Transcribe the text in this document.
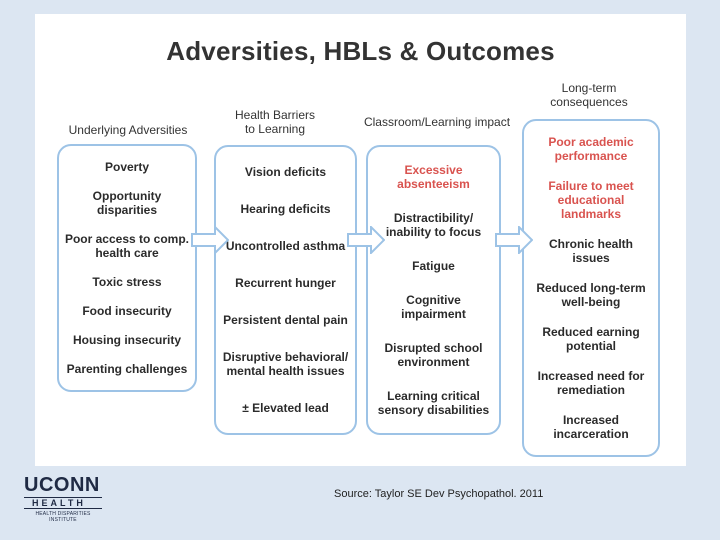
Adversities, HBLs & Outcomes
Underlying Adversities
Health Barriers to Learning	Classroom/Learning impact
Long-term consequences
Poverty
Opportunity disparities
Poor access to comp. health care
Toxic stress
Food insecurity
Housing insecurity
Parenting challenges
Vision deficits
Hearing deficits
Uncontrolled asthma
Recurrent hunger
Persistent dental pain
Disruptive behavioral/ mental health issues
± Elevated lead
Excessive absenteeism
Distractibility/ inability to focus
Fatigue
Cognitive impairment
Disrupted school environment
Learning critical sensory disabilities
Poor academic performance
Failure to meet educational landmarks
Chronic health issues
Reduced long-term well-being
Reduced earning potential
Increased need for remediation
Increased incarceration
UCONN
HEALTH
HEALTH DISPARITIES INSTITUTE
Source: Taylor SE Dev Psychopathol. 2011
